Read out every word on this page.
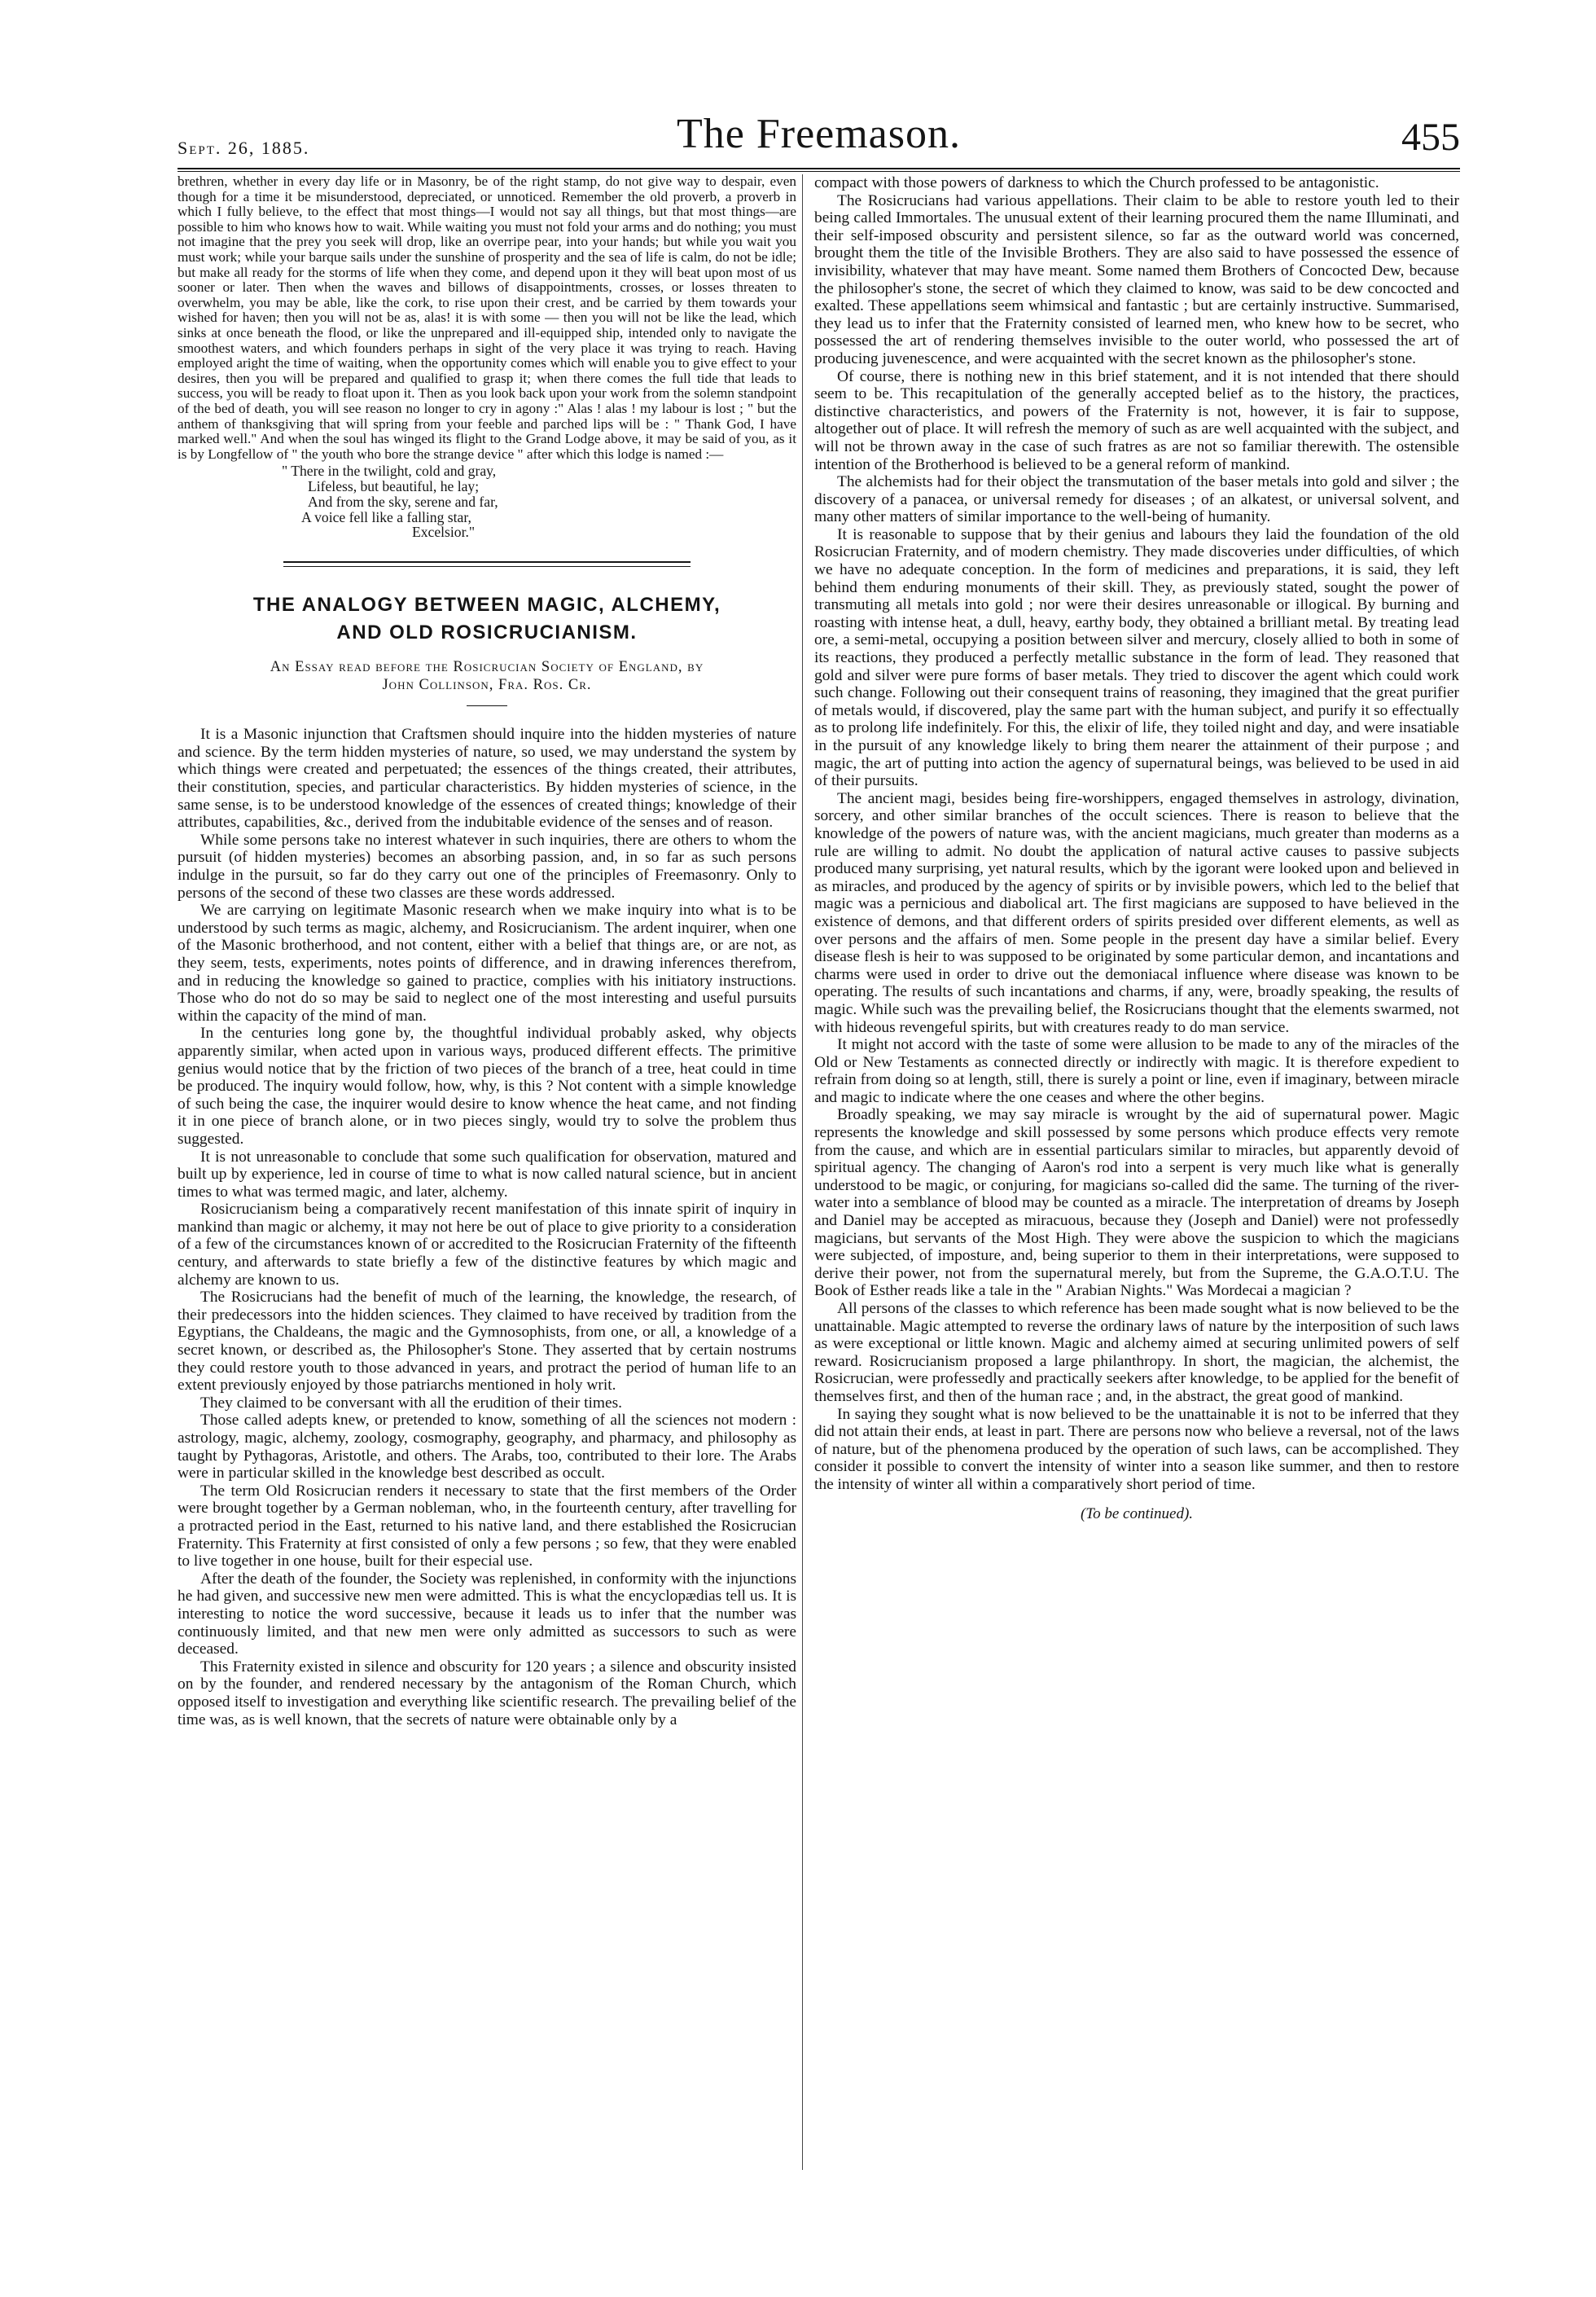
Sept. 26, 1885.	The Freemason.	455

brethren, whether in every day life or in Masonry, be of the right stamp, do not give way to despair, even though for a time it be misunderstood, depreciated, or unnoticed. Remember the old proverb, a proverb in which I fully believe, to the effect that most things—I would not say all things, but that most things—are possible to him who knows how to wait. While waiting you must not fold your arms and do nothing; you must not imagine that the prey you seek will drop, like an overripe pear, into your hands; but while you wait you must work; while your barque sails under the sunshine of prosperity and the sea of life is calm, do not be idle; but make all ready for the storms of life when they come, and depend upon it they will beat upon most of us sooner or later. Then when the waves and billows of disappointments, crosses, or losses threaten to overwhelm, you may be able, like the cork, to rise upon their crest, and be carried by them towards your wished for haven; then you will not be as, alas! it is with some — then you will not be like the lead, which sinks at once beneath the flood, or like the unprepared and ill-equipped ship, intended only to navigate the smoothest waters, and which founders perhaps in sight of the very place it was trying to reach. Having employed aright the time of waiting, when the opportunity comes which will enable you to give effect to your desires, then you will be prepared and qualified to grasp it; when there comes the full tide that leads to success, you will be ready to float upon it. Then as you look back upon your work from the solemn standpoint of the bed of death, you will see reason no longer to cry in agony :" Alas ! alas ! my labour is lost ; " but the anthem of thanksgiving that will spring from your feeble and parched lips will be : " Thank God, I have marked well." And when the soul has winged its flight to the Grand Lodge above, it may be said of you, as it is by Longfellow of " the youth who bore the strange device " after which this lodge is named :—

" There in the twilight, cold and gray,
Lifeless, but beautiful, he lay;
And from the sky, serene and far,
A voice fell like a falling star,
Excelsior."
THE ANALOGY BETWEEN MAGIC, ALCHEMY,
AND OLD ROSICRUCIANISM.
An Essay read before the Rosicrucian Society of England, by
John Collinson, Fra. Ros. Cr.

It is a Masonic injunction that Craftsmen should inquire into the hidden mysteries of nature and science. By the term hidden mysteries of nature, so used, we may understand the system by which things were created and perpetuated; the essences of the things created, their attributes, their constitution, species, and particular characteristics. By hidden mysteries of science, in the same sense, is to be understood knowledge of the essences of created things; knowledge of their attributes, capabilities, &c., derived from the indubitable evidence of the senses and of reason.

While some persons take no interest whatever in such inquiries, there are others to whom the pursuit (of hidden mysteries) becomes an absorbing passion, and, in so far as such persons indulge in the pursuit, so far do they carry out one of the principles of Freemasonry. Only to persons of the second of these two classes are these words addressed.

We are carrying on legitimate Masonic research when we make inquiry into what is to be understood by such terms as magic, alchemy, and Rosicrucianism. The ardent inquirer, when one of the Masonic brotherhood, and not content, either with a belief that things are, or are not, as they seem, tests, experiments, notes points of difference, and in drawing inferences therefrom, and in reducing the knowledge so gained to practice, complies with his initiatory instructions. Those who do not do so may be said to neglect one of the most interesting and useful pursuits within the capacity of the mind of man.

In the centuries long gone by, the thoughtful individual probably asked, why objects apparently similar, when acted upon in various ways, produced different effects. The primitive genius would notice that by the friction of two pieces of the branch of a tree, heat could in time be produced. The inquiry would follow, how, why, is this ? Not content with a simple knowledge of such being the case, the inquirer would desire to know whence the heat came, and not finding it in one piece of branch alone, or in two pieces singly, would try to solve the problem thus suggested.

It is not unreasonable to conclude that some such qualification for observation, matured and built up by experience, led in course of time to what is now called natural science, but in ancient times to what was termed magic, and later, alchemy.

Rosicrucianism being a comparatively recent manifestation of this innate spirit of inquiry in mankind than magic or alchemy, it may not here be out of place to give priority to a consideration of a few of the circumstances known of or accredited to the Rosicrucian Fraternity of the fifteenth century, and afterwards to state briefly a few of the distinctive features by which magic and alchemy are known to us.

The Rosicrucians had the benefit of much of the learning, the knowledge, the research, of their predecessors into the hidden sciences. They claimed to have received by tradition from the Egyptians, the Chaldeans, the magic and the Gymnosophists, from one, or all, a knowledge of a secret known, or described as, the Philosopher's Stone. They asserted that by certain nostrums they could restore youth to those advanced in years, and protract the period of human life to an extent previously enjoyed by those patriarchs mentioned in holy writ.

They claimed to be conversant with all the erudition of their times.

Those called adepts knew, or pretended to know, something of all the sciences not modern : astrology, magic, alchemy, zoology, cosmography, geography, and pharmacy, and philosophy as taught by Pythagoras, Aristotle, and others. The Arabs, too, contributed to their lore. The Arabs were in particular skilled in the knowledge best described as occult.

The term Old Rosicrucian renders it necessary to state that the first members of the Order were brought together by a German nobleman, who, in the fourteenth century, after travelling for a protracted period in the East, returned to his native land, and there established the Rosicrucian Fraternity. This Fraternity at first consisted of only a few persons ; so few, that they were enabled to live together in one house, built for their especial use.

After the death of the founder, the Society was replenished, in conformity with the injunctions he had given, and successive new men were admitted. This is what the encyclopædias tell us. It is interesting to notice the word successive, because it leads us to infer that the number was continuously limited, and that new men were only admitted as successors to such as were deceased.

This Fraternity existed in silence and obscurity for 120 years ; a silence and obscurity insisted on by the founder, and rendered necessary by the antagonism of the Roman Church, which opposed itself to investigation and everything like scientific research. The prevailing belief of the time was, as is well known, that the secrets of nature were obtainable only by a

compact with those powers of darkness to which the Church professed to be antagonistic.

The Rosicrucians had various appellations. Their claim to be able to restore youth led to their being called Immortales. The unusual extent of their learning procured them the name Illuminati, and their self-imposed obscurity and persistent silence, so far as the outward world was concerned, brought them the title of the Invisible Brothers. They are also said to have possessed the essence of invisibility, whatever that may have meant. Some named them Brothers of Concocted Dew, because the philosopher's stone, the secret of which they claimed to know, was said to be dew concocted and exalted. These appellations seem whimsical and fantastic ; but are certainly instructive. Summarised, they lead us to infer that the Fraternity consisted of learned men, who knew how to be secret, who possessed the art of rendering themselves invisible to the outer world, who possessed the art of producing juvenescence, and were acquainted with the secret known as the philosopher's stone.

Of course, there is nothing new in this brief statement, and it is not intended that there should seem to be. This recapitulation of the generally accepted belief as to the history, the practices, distinctive characteristics, and powers of the Fraternity is not, however, it is fair to suppose, altogether out of place. It will refresh the memory of such as are well acquainted with the subject, and will not be thrown away in the case of such fratres as are not so familiar therewith. The ostensible intention of the Brotherhood is believed to be a general reform of mankind.

The alchemists had for their object the transmutation of the baser metals into gold and silver ; the discovery of a panacea, or universal remedy for diseases ; of an alkatest, or universal solvent, and many other matters of similar importance to the well-being of humanity.

It is reasonable to suppose that by their genius and labours they laid the foundation of the old Rosicrucian Fraternity, and of modern chemistry. They made discoveries under difficulties, of which we have no adequate conception. In the form of medicines and preparations, it is said, they left behind them enduring monuments of their skill. They, as previously stated, sought the power of transmuting all metals into gold ; nor were their desires unreasonable or illogical. By burning and roasting with intense heat, a dull, heavy, earthy body, they obtained a brilliant metal. By treating lead ore, a semi-metal, occupying a position between silver and mercury, closely allied to both in some of its reactions, they produced a perfectly metallic substance in the form of lead. They reasoned that gold and silver were pure forms of baser metals. They tried to discover the agent which could work such change. Following out their consequent trains of reasoning, they imagined that the great purifier of metals would, if discovered, play the same part with the human subject, and purify it so effectually as to prolong life indefinitely. For this, the elixir of life, they toiled night and day, and were insatiable in the pursuit of any knowledge likely to bring them nearer the attainment of their purpose ; and magic, the art of putting into action the agency of supernatural beings, was believed to be used in aid of their pursuits.

The ancient magi, besides being fire-worshippers, engaged themselves in astrology, divination, sorcery, and other similar branches of the occult sciences. There is reason to believe that the knowledge of the powers of nature was, with the ancient magicians, much greater than moderns as a rule are willing to admit. No doubt the application of natural active causes to passive subjects produced many surprising, yet natural results, which by the igorant were looked upon and believed in as miracles, and produced by the agency of spirits or by invisible powers, which led to the belief that magic was a pernicious and diabolical art. The first magicians are supposed to have believed in the existence of demons, and that different orders of spirits presided over different elements, as well as over persons and the affairs of men. Some people in the present day have a similar belief. Every disease flesh is heir to was supposed to be originated by some particular demon, and incantations and charms were used in order to drive out the demoniacal influence where disease was known to be operating. The results of such incantations and charms, if any, were, broadly speaking, the results of magic. While such was the prevailing belief, the Rosicrucians thought that the elements swarmed, not with hideous revengeful spirits, but with creatures ready to do man service.

It might not accord with the taste of some were allusion to be made to any of the miracles of the Old or New Testaments as connected directly or indirectly with magic. It is therefore expedient to refrain from doing so at length, still, there is surely a point or line, even if imaginary, between miracle and magic to indicate where the one ceases and where the other begins.

Broadly speaking, we may say miracle is wrought by the aid of supernatural power. Magic represents the knowledge and skill possessed by some persons which produce effects very remote from the cause, and which are in essential particulars similar to miracles, but apparently devoid of spiritual agency. The changing of Aaron's rod into a serpent is very much like what is generally understood to be magic, or conjuring, for magicians so-called did the same. The turning of the river-water into a semblance of blood may be counted as a miracle. The interpretation of dreams by Joseph and Daniel may be accepted as miracuous, because they (Joseph and Daniel) were not professedly magicians, but servants of the Most High. They were above the suspicion to which the magicians were subjected, of imposture, and, being superior to them in their interpretations, were supposed to derive their power, not from the supernatural merely, but from the Supreme, the G.A.O.T.U. The Book of Esther reads like a tale in the " Arabian Nights." Was Mordecai a magician ?

All persons of the classes to which reference has been made sought what is now believed to be the unattainable. Magic attempted to reverse the ordinary laws of nature by the interposition of such laws as were exceptional or little known. Magic and alchemy aimed at securing unlimited powers of self reward. Rosicrucianism proposed a large philanthropy. In short, the magician, the alchemist, the Rosicrucian, were professedly and practically seekers after knowledge, to be applied for the benefit of themselves first, and then of the human race ; and, in the abstract, the great good of mankind.

In saying they sought what is now believed to be the unattainable it is not to be inferred that they did not attain their ends, at least in part. There are persons now who believe a reversal, not of the laws of nature, but of the phenomena produced by the operation of such laws, can be accomplished. They consider it possible to convert the intensity of winter into a season like summer, and then to restore the intensity of winter all within a comparatively short period of time.

(To be continued).
